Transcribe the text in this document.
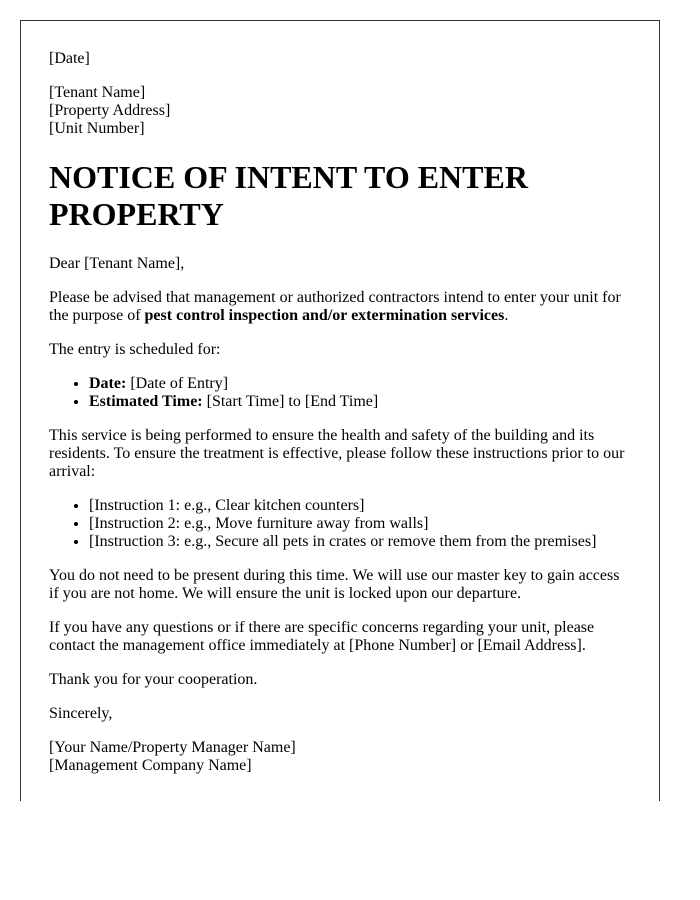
[Date]

[Tenant Name]

[Property Address]

[Unit Number]

NOTICE OF INTENT TO ENTER PROPERTY

Dear [Tenant Name],

Please be advised that management or authorized contractors intend to enter your unit for the purpose of pest control inspection and/or extermination services.

The entry is scheduled for:

• Date: [Date of Entry]
• Estimated Time: [Start Time] to [End Time]

This service is being performed to ensure the health and safety of the building and its residents. To ensure the treatment is effective, please follow these instructions prior to our arrival:

• [Instruction 1: e.g., Clear kitchen counters]
• [Instruction 2: e.g., Move furniture away from walls]
• [Instruction 3: e.g., Secure all pets in crates or remove them from the premises]

You do not need to be present during this time. We will use our master key to gain access if you are not home. We will ensure the unit is locked upon our departure.

If you have any questions or if there are specific concerns regarding your unit, please contact the management office immediately at [Phone Number] or [Email Address].

Thank you for your cooperation.

Sincerely,

[Your Name/Property Manager Name]

[Management Company Name]
